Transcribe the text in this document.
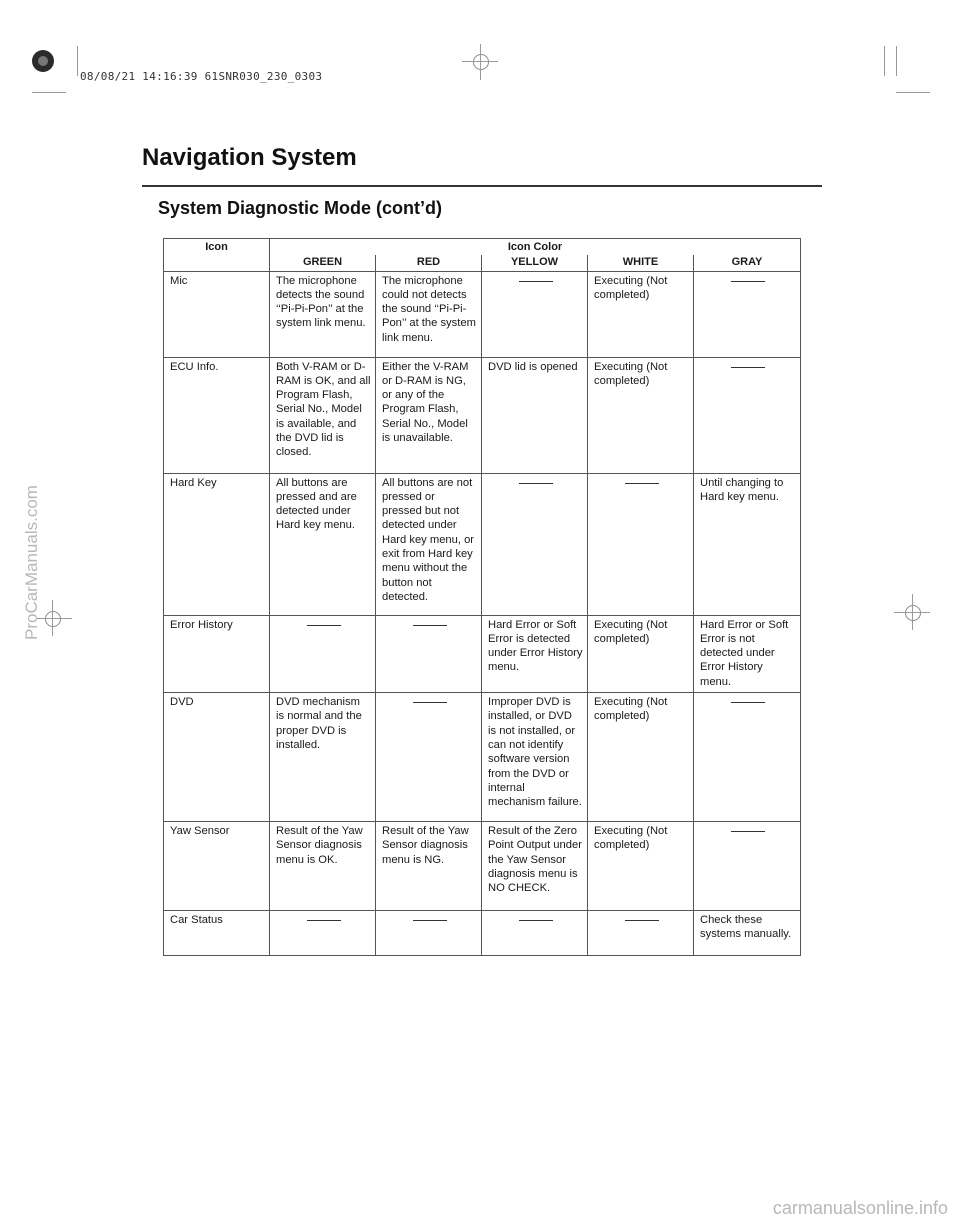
08/08/21 14:16:39 61SNR030_230_0303
Navigation System
System Diagnostic Mode (cont’d)
Icon	Icon Color				
	GREEN	RED	YELLOW	WHITE	GRAY
Mic	The microphone detects the sound ‘‘Pi-Pi-Pon’’ at the system link menu.	The microphone could not detects the sound ‘‘Pi-Pi-Pon’’ at the system link menu.		Executing (Not completed)	

ECU Info.	Both V-RAM or D-RAM is OK, and all Program Flash, Serial No., Model is available, and the DVD lid is closed.	Either the V-RAM or D-RAM is NG, or any of the Program Flash, Serial No., Model is unavailable.	DVD lid is opened	Executing (Not completed)	

Hard Key	All buttons are pressed and are detected under Hard key menu.	All buttons are not pressed or pressed but not detected under Hard key menu, or exit from Hard key menu without the button not detected.			Until changing to Hard key menu.

Error History			Hard Error or Soft Error is detected under Error History menu.	Executing (Not completed)	Hard Error or Soft Error is not detected under Error History menu.

DVD	DVD mechanism is normal and the proper DVD is installed.		Improper DVD is installed, or DVD is not installed, or can not identify software version from the DVD or internal mechanism failure.	Executing (Not completed)	

Yaw Sensor	Result of the Yaw Sensor diagnosis menu is OK.	Result of the Yaw Sensor diagnosis menu is NG.	Result of the Zero Point Output under the Yaw Sensor diagnosis menu is NO CHECK.	Executing (Not completed)	

Car Status					Check these systems manually.
ProCarManuals.com
carmanualsonline.info
